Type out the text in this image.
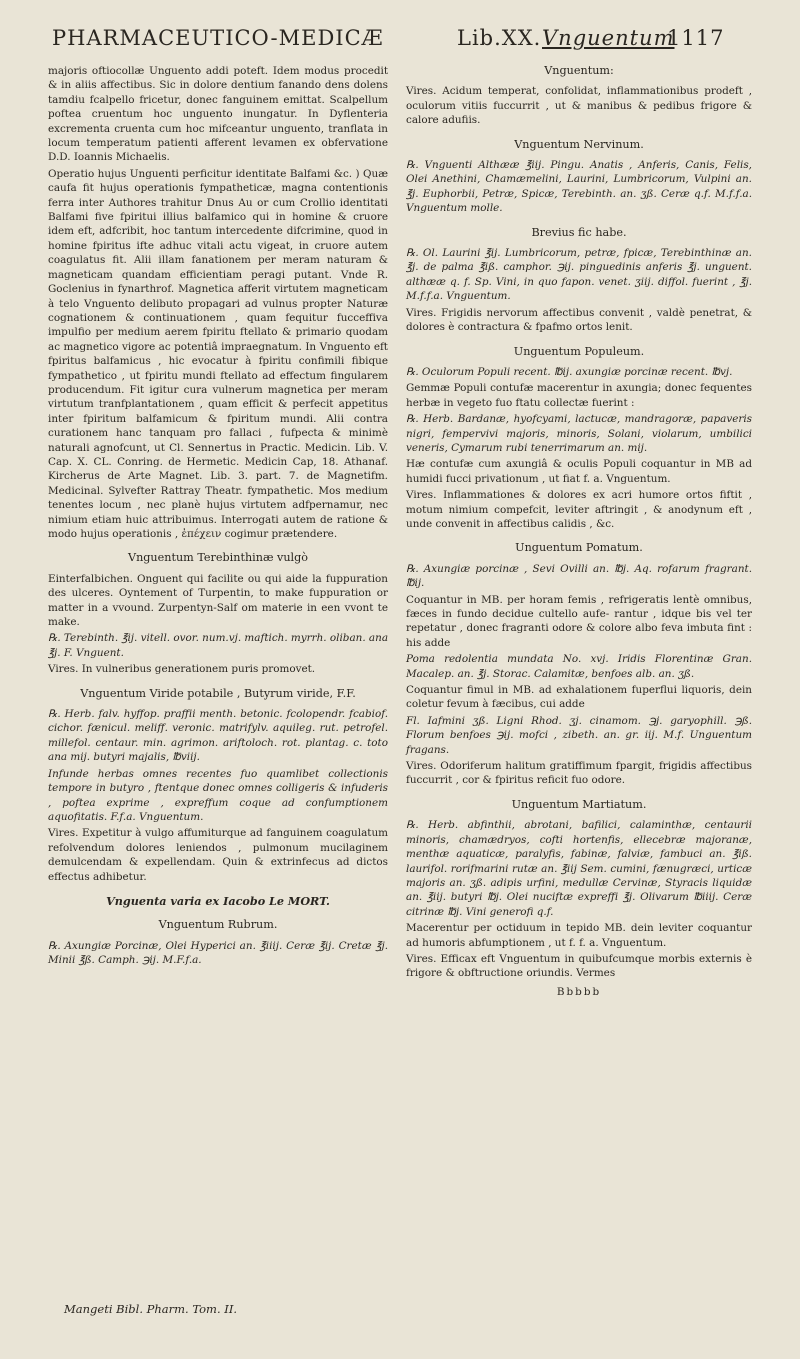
PHARMACEUTICO-MEDICÆ	Lib.XX. Vnguentum
1117

majoris oftiocollæ Unguento addi poteft. Idem modus procedit & in aliis affectibus. Sic in dolore dentium fanando dens dolens tamdiu fcalpello fricetur, donec fanguinem emittat. Scalpellum poftea cruentum hoc unguento inungatur. In Dyflenteria excrementa cruenta cum hoc mifceantur unguento, tranflata in locum temperatum patienti afferent levamen ex obfervatione D.D. Ioannis Michaelis.

Operatio hujus Unguenti perficitur identitate Balfami &c. ) Quæ caufa fit hujus operationis fympatheticæ, magna contentionis ferra inter Authores trahitur Dnus Au or cum Crollio identitati Balfami five fpiritui illius balfamico qui in homine & cruore idem eft, adfcribit, hoc tantum intercedente difcrimine, quod in homine fpiritus ifte adhuc vitali actu vigeat, in cruore autem coagulatus fit. Alii illam fanationem per meram naturam & magneticam quandam efficientiam peragi putant. Vnde R. Goclenius in fynarthrof. Magnetica afferit virtutem magneticam à telo Vnguento delibuto propagari ad vulnus propter Naturæ cognationem & continuationem , quam fequitur fucceffiva impulfio per medium aerem fpiritu ftellato & primario quodam ac magnetico vigore ac potentiâ impraegnatum. In Vnguento eft fpiritus balfamicus , hic evocatur à fpiritu confimili fibique fympathetico , ut fpiritu mundi ftellato ad effectum fingularem producendum. Fit igitur cura vulnerum magnetica per meram virtutum tranfplantationem , quam efficit & perfecit appetitus inter fpiritum balfamicum & fpiritum mundi. Alii contra curationem hanc tanquam pro fallaci , fufpecta & minimè naturali agnofcunt, ut Cl. Sennertus in Practic. Medicin. Lib. V. Cap. X. CL. Conring. de Hermetic. Medicin Cap, 18. Athanaf. Kircherus de Arte Magnet. Lib. 3. part. 7. de Magnetifm. Medicinal. Sylvefter Rattray Theatr. fympathetic. Mos medium tenentes locum , nec planè hujus virtutem adfpernamur, nec nimium etiam huic attribuimus. Interrogati autem de ratione & modo hujus operationis , ἐπέχειν cogimur prætendere.

Vnguentum Terebinthinæ vulgò

Einterfalbichen. Onguent qui facilite ou qui aide la fuppuration des ulceres. Oyntement of Turpentin, to make fuppuration or matter in a vvound. Zurpentyn-Salf om materie in een vvont te make.

℞. Terebinth. ℥ij. vitell. ovor. num.vj. maftich. myrrh. oliban. ana ℥j. F. Vnguent.

Vires. In vulneribus generationem puris promovet.

Vnguentum Viride potabile , Butyrum viride, F.F.

℞. Herb. falv. hyffop. praffii menth. betonic. fcolopendr. fcabiof. cichor. fænicul. meliff. veronic. matrifylv. aquileg. rut. petrofel. millefol. centaur. min. agrimon. ariftoloch. rot. plantag. c. toto ana mij. butyri majalis, ℔viij.

Infunde herbas omnes recentes fuo quamlibet collectionis tempore in butyro , ftentque donec omnes colligeris & infuderis , poftea exprime , expreffum coque ad confumptionem aquofitatis. F.f.a. Vnguentum.

Vires. Expetitur à vulgo affumiturque ad fanguinem coagulatum refolvendum dolores leniendos , pulmonum mucilaginem demulcendam & expellendam. Quin & extrinfecus ad dictos effectus adhibetur.

Vnguenta varia ex Iacobo Le MORT.
Vnguentum Rubrum.

℞. Axungiæ Porcinæ, Olei Hyperici an. ℥iiij. Ceræ ℥ij. Cretæ ℥j. Minii ℥ß. Camph. ℈ij. M.F.f.a.

Mangeti Bibl. Pharm. Tom. II.
Vnguentum:

Vires. Acidum temperat, confolidat, inflammationibus prodeft , oculorum vitiis fuccurrit , ut & manibus & pedibus frigore & calore adufiis.

Vnguentum Nervinum.

℞. Vnguenti Althææ ℥iij. Pingu. Anatis , Anferis, Canis, Felis, Olei Anethini, Chamæmelini, Laurini, Lumbricorum, Vulpini an. ℥j. Euphorbii, Petræ, Spicæ, Terebinth. an. ʒß. Ceræ q.f. M.f.f.a. Vnguentum molle.

Brevius fic habe.

℞. Ol. Laurini ℥ij. Lumbricorum, petræ, fpicæ, Terebinthinæ an. ℥j. de palma ℥iß. camphor. ℈ij. pinguedinis anferis ℥j. unguent. althææ q. f. Sp. Vini, in quo fapon. venet. ʒiij. diffol. fuerint , ℥j. M.f.f.a. Vnguentum.

Vires. Frigidis nervorum affectibus convenit , valdè penetrat, & dolores è contractura & fpafmo ortos lenit.

Unguentum Populeum.

℞. Oculorum Populi recent. ℔ij. axungiæ porcinæ recent. ℔vj.

Gemmæ Populi contufæ macerentur in axungia; donec fequentes herbæ in vegeto fuo ftatu collectæ fuerint :

℞. Herb. Bardanæ, hyofcyami, lactucæ, mandragoræ, papaveris nigri, fempervivi majoris, minoris, Solani, violarum, umbilici veneris, Cymarum rubi tenerrimarum an. mij.

Hæ contufæ cum axungiâ & oculis Populi coquantur in MB ad humidi fucci privationum , ut fiat f. a. Vnguentum.

Vires. Inflammationes & dolores ex acri humore ortos fiftit , motum nimium compefcit, leviter aftringit , & anodynum eft , unde convenit in affectibus calidis , &c.

Unguentum Pomatum.

℞. Axungiæ porcinæ , Sevi Ovilli an. ℔j. Aq. rofarum fragrant. ℔ij.

Coquantur in MB. per horam femis , refrigeratis lentè omnibus, fæces in fundo decidue cultello aufe- rantur , idque bis vel ter repetatur , donec fragranti odore & colore albo feva imbuta fint : his adde

Poma redolentia mundata No. xvj. Iridis Florentinæ Gran. Macalep. an. ℥j. Storac. Calamitæ, benfoes alb. an. ʒß.

Coquantur fimul in MB. ad exhalationem fuperflui liquoris, dein coletur fevum à fæcibus, cui adde

Fl. Iafmini ʒß. Ligni Rhod. ʒj. cinamom. ℈j. garyophill. ℈ß. Florum benfoes ℈ij. mofci , zibeth. an. gr. iij. M.f. Unguentum fragans.

Vires. Odoriferum halitum gratiffimum fpargit, frigidis affectibus fuccurrit , cor & fpiritus reficit fuo odore.

Unguentum Martiatum.

℞. Herb. abfinthii, abrotani, bafilici, calaminthæ, centaurii minoris, chamædryos, cofti hortenfis, ellecebræ majoranæ, menthæ aquaticæ, paralyfis, fabinæ, falviæ, fambuci an. ℥iß. laurifol. rorifmarini rutæ an. ℥iij Sem. cumini, fænugræci, urticæ majoris an. ʒß. adipis urfini, medullæ Cervinæ, Styracis liquidæ an. ℥iij. butyri ℔j. Olei nuciftæ expreffi ℥j. Olivarum ℔iiij. Ceræ citrinæ ℔j. Vini generofi q.f.

Macerentur per octiduum in tepido MB. dein leviter coquantur ad humoris abfumptionem , ut f. f. a. Vnguentum.

Vires. Efficax eft Vnguentum in quibufcumque morbis externis è frigore & obftructione oriundis. Vermes

Bbbbb
